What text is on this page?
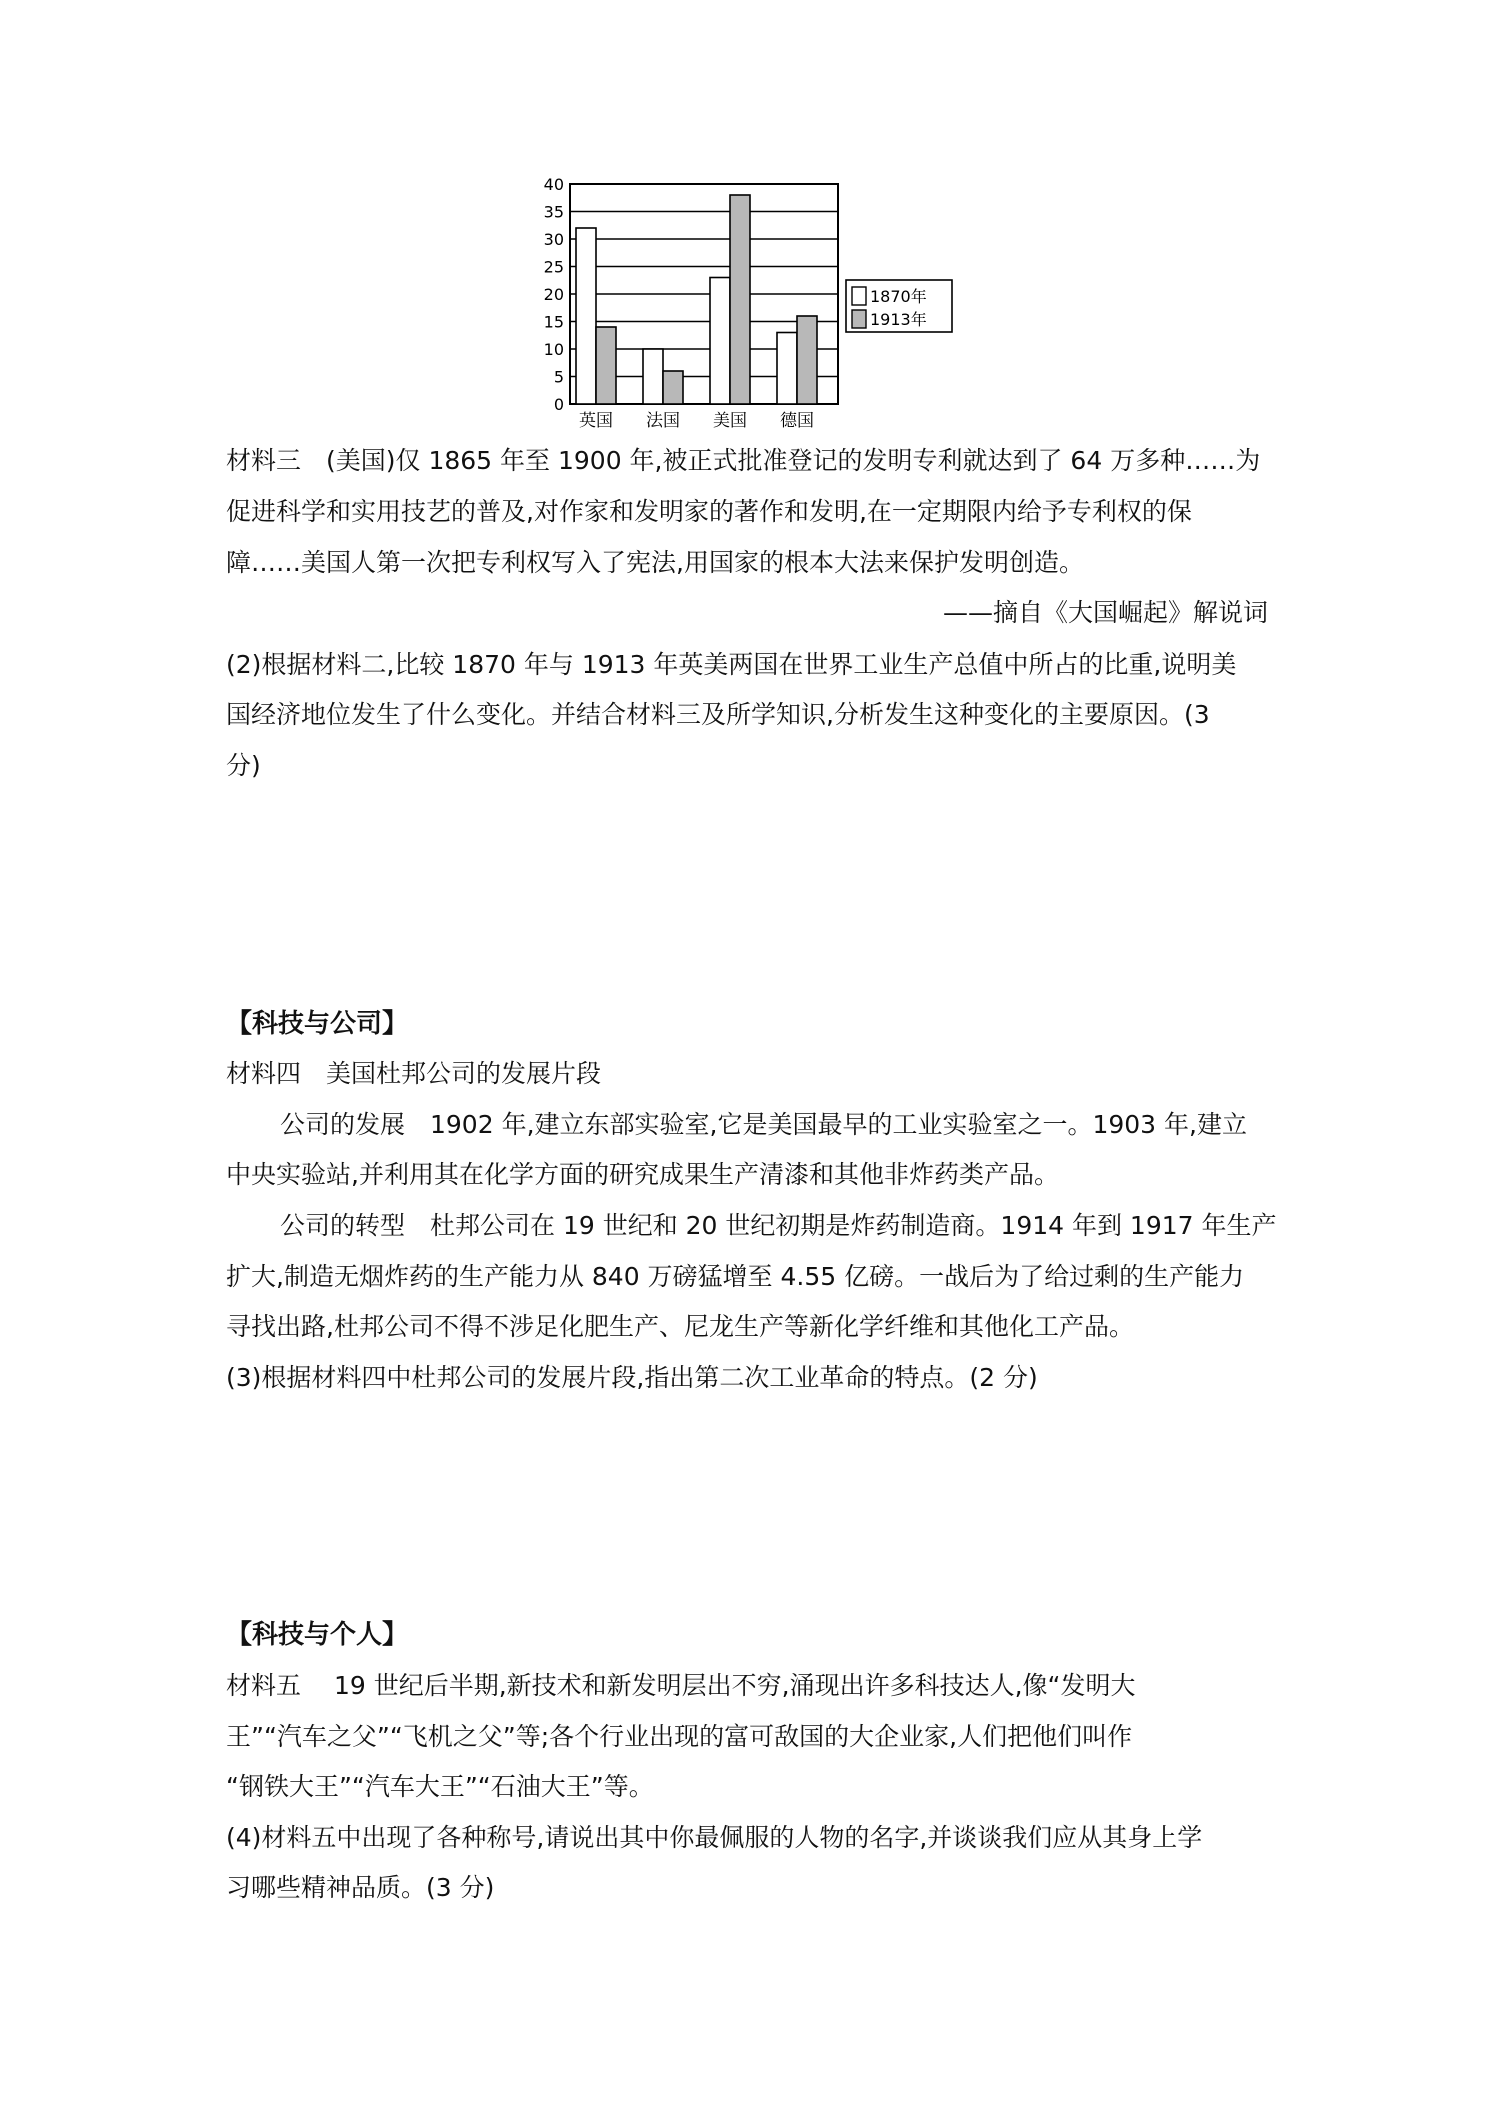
0
5
10
15
20
25
30
35
40
英国 法国 美国 德国
1870年
1913年
材料三　(美国)仅 1865 年至 1900 年,被正式批准登记的发明专利就达到了 64 万多种……为
促进科学和实用技艺的普及,对作家和发明家的著作和发明,在一定期限内给予专利权的保
障……美国人第一次把专利权写入了宪法,用国家的根本大法来保护发明创造。
——摘自《大国崛起》解说词
(2)根据材料二,比较 1870 年与 1913 年英美两国在世界工业生产总值中所占的比重,说明美
国经济地位发生了什么变化。并结合材料三及所学知识,分析发生这种变化的主要原因。(3
分)
【科技与公司】
材料四　美国杜邦公司的发展片段
公司的发展　1902 年,建立东部实验室,它是美国最早的工业实验室之一。1903 年,建立
中央实验站,并利用其在化学方面的研究成果生产清漆和其他非炸药类产品。
公司的转型　杜邦公司在 19 世纪和 20 世纪初期是炸药制造商。1914 年到 1917 年生产
扩大,制造无烟炸药的生产能力从 840 万磅猛增至 4.55 亿磅。一战后为了给过剩的生产能力
寻找出路,杜邦公司不得不涉足化肥生产、尼龙生产等新化学纤维和其他化工产品。
(3)根据材料四中杜邦公司的发展片段,指出第二次工业革命的特点。(2 分)
【科技与个人】
材料五　 19 世纪后半期,新技术和新发明层出不穷,涌现出许多科技达人,像“发明大
王”“汽车之父”“飞机之父”等;各个行业出现的富可敌国的大企业家,人们把他们叫作
“钢铁大王”“汽车大王”“石油大王”等。
(4)材料五中出现了各种称号,请说出其中你最佩服的人物的名字,并谈谈我们应从其身上学
习哪些精神品质。(3 分)
